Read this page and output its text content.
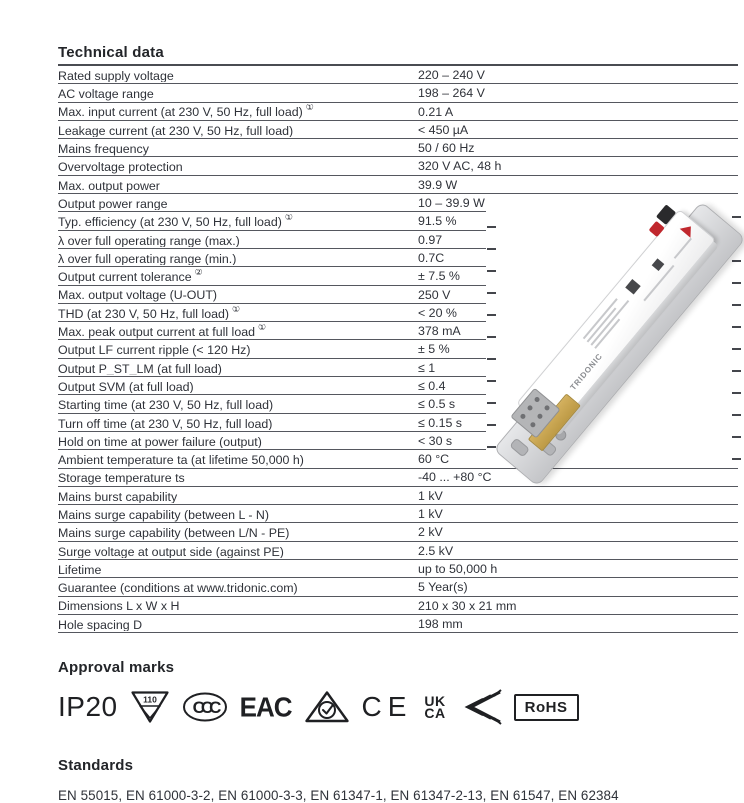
Technical data
Rated supply voltage	220 – 240 V
AC voltage range	198 – 264 V
Max. input current (at 230 V, 50 Hz, full load) ①	0.21 A
Leakage current (at 230 V, 50 Hz, full load)	< 450 µA
Mains frequency	50 / 60 Hz
Overvoltage protection	320 V AC, 48 h
Max. output power	39.9 W
Output power range	10 – 39.9 W
Typ. efficiency (at 230 V, 50 Hz, full load) ①	91.5 %
λ over full operating range (max.)	0.97
λ over full operating range (min.)	0.7C
Output current tolerance ②	± 7.5 %
Max. output voltage (U-OUT)	250 V
THD (at 230 V, 50 Hz, full load) ①	< 20 %
Max. peak output current at full load ①	378 mA
Output LF current ripple (< 120 Hz)	± 5 %
Output P_ST_LM (at full load)	≤ 1
Output SVM (at full load)	≤ 0.4
Starting time (at 230 V, 50 Hz, full load)	≤ 0.5 s
Turn off time (at 230 V, 50 Hz, full load)	≤ 0.15 s
Hold on time at power failure (output)	< 30 s
Ambient temperature ta (at lifetime 50,000 h)	60 °C
Storage temperature ts	-40 ... +80 °C
Mains burst capability	1 kV
Mains surge capability (between L - N)	1 kV
Mains surge capability (between L/N - PE)	2 kV
Surge voltage at output side (against PE)	2.5 kV
Lifetime	up to 50,000 h
Guarantee (conditions at www.tridonic.com)	5 Year(s)
Dimensions L x W x H	210 x 30 x 21 mm
Hole spacing D	198 mm
Approval marks
IP20	110 CCC EAC	CE UK
CA	RoHS
Standards
EN 55015, EN 61000-3-2, EN 61000-3-3, EN 61347-1, EN 61347-2-13, EN 61547, EN 62384
TRIDONIC
